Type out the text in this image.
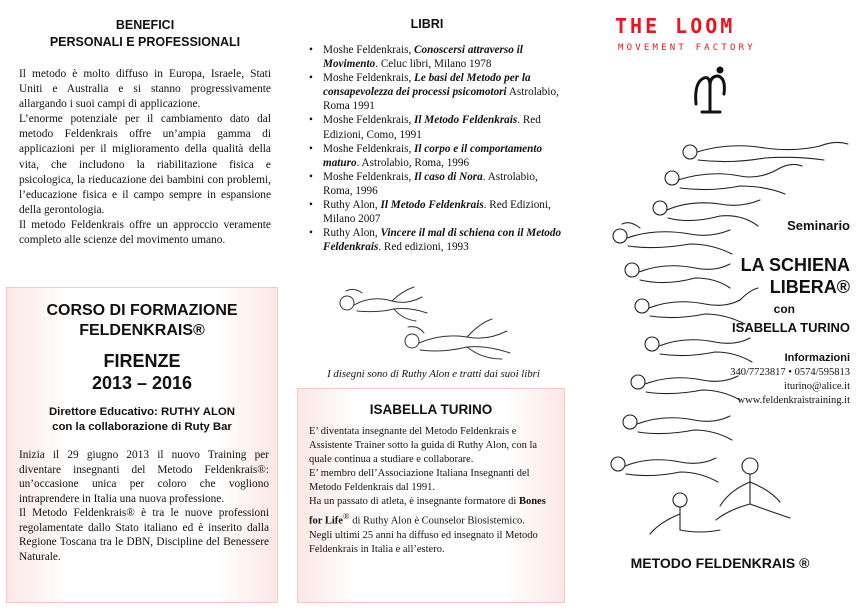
BENEFICI
PERSONALI E PROFESSIONALI

Il metodo è molto diffuso in Europa, Israele, Stati Uniti e Australia e si stanno progressivamente allargando i suoi campi di applicazione.

L’enorme potenziale per il cambiamento dato dal metodo Feldenkrais offre un’ampia gamma di applicazioni per il miglioramento della qualità della vita, che includono la riabilitazione fisica e psicologica, la rieducazione dei bambini con problemi, l’educazione fisica e il campo sempre in espansione della gerontologia.

Il metodo Feldenkrais offre un approccio veramente completo alle scienze del movimento umano.

CORSO DI FORMAZIONE
FELDENKRAIS®
FIRENZE
2013 – 2016
Direttore Educativo: RUTHY ALON
con la collaborazione di Ruty Bar

Inizia il 29 giugno 2013 il nuovo Training per diventare insegnanti del Metodo Feldenkrais®: un’occasione unica per coloro che vogliono intraprendere in Italia una nuova professione.

Il Metodo Feldenkrais® è tra le nuove professioni regolamentate dallo Stato italiano ed è inserito dalla Regione Toscana tra le DBN, Discipline del Benessere Naturale.

LIBRI
• Moshe Feldenkrais, Conoscersi attraverso il Movimento. Celuc libri, Milano 1978
• Moshe Feldenkrais, Le basi del Metodo per la consapevolezza dei processi psicomotori Astrolabio, Roma 1991
• Moshe Feldenkrais, Il Metodo Feldenkrais. Red Edizioni, Como, 1991
• Moshe Feldenkrais, Il corpo e il comportamento maturo. Astrolabio, Roma, 1996
• Moshe Feldenkrais, Il caso di Nora. Astrolabio, Roma, 1996
• Ruthy Alon, Il Metodo Feldenkrais. Red Edizioni, Milano 2007
• Ruthy Alon, Vincere il mal di schiena con il Metodo Feldenkrais. Red edizioni, 1993
I disegni sono di Ruthy Alon e tratti dai suoi libri
ISABELLA TURINO

E’ diventata insegnante del Metodo Feldenkrais e Assistente Trainer sotto la guida di Ruthy Alon, con la quale continua a studiare e collaborare.

E’ membro dell’Associazione Italiana Insegnanti del Metodo Feldenkrais dal 1991.

Ha un passato di atleta, è insegnante formatore di Bones for Life® di Ruthy Alon è Counselor Biosistemico.

Negli ultimi 25 anni ha diffuso ed insegnato il Metodo Feldenkrais in Italia e all’estero.

THE LOOM
MOVEMENT FACTORY
Seminario
LA SCHIENA
LIBERA®
con
ISABELLA TURINO
Informazioni
340/7723817 • 0574/595813
iturino@alice.it
www.feldenkraistraining.it
METODO FELDENKRAIS ®
